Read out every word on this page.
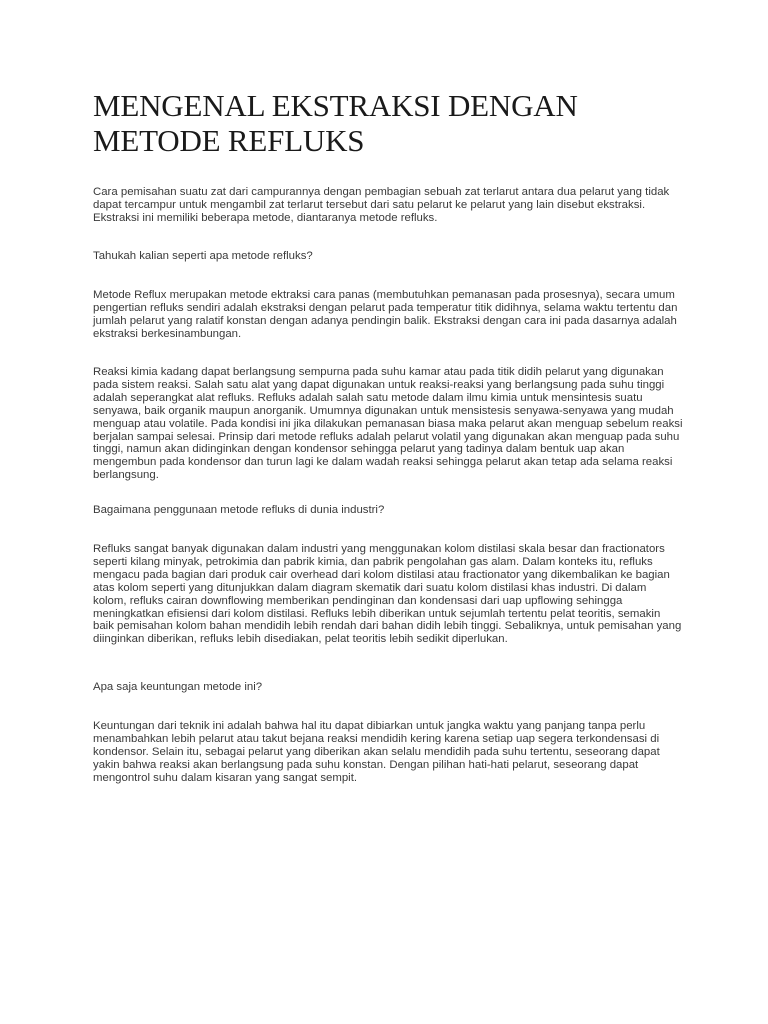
MENGENAL EKSTRAKSI DENGAN METODE REFLUKS

Cara pemisahan suatu zat dari campurannya dengan pembagian sebuah zat terlarut antara dua pelarut yang tidak dapat tercampur untuk mengambil zat terlarut tersebut dari satu pelarut ke pelarut yang lain disebut ekstraksi. Ekstraksi ini memiliki beberapa metode, diantaranya metode refluks.

Tahukah kalian seperti apa metode refluks?

Metode Reflux merupakan metode ektraksi cara panas (membutuhkan pemanasan pada prosesnya), secara umum pengertian refluks sendiri adalah ekstraksi dengan pelarut pada temperatur titik didihnya, selama waktu tertentu dan jumlah pelarut yang ralatif konstan dengan adanya pendingin balik. Ekstraksi dengan cara ini pada dasarnya adalah ekstraksi berkesinambungan.

Reaksi kimia kadang dapat berlangsung sempurna pada suhu kamar atau pada titik didih pelarut yang digunakan pada sistem reaksi. Salah satu alat yang dapat digunakan untuk reaksi-reaksi yang berlangsung pada suhu tinggi adalah seperangkat alat refluks. Refluks adalah salah satu metode dalam ilmu kimia untuk mensintesis suatu senyawa, baik organik maupun anorganik. Umumnya digunakan untuk mensistesis senyawa-senyawa yang mudah menguap atau volatile. Pada kondisi ini jika dilakukan pemanasan biasa maka pelarut akan menguap sebelum reaksi berjalan sampai selesai. Prinsip dari metode refluks adalah pelarut volatil yang digunakan akan menguap pada suhu tinggi, namun akan didinginkan dengan kondensor sehingga pelarut yang tadinya dalam bentuk uap akan mengembun pada kondensor dan turun lagi ke dalam wadah reaksi sehingga pelarut akan tetap ada selama reaksi berlangsung.

Bagaimana penggunaan metode refluks di dunia industri?

Refluks sangat banyak digunakan dalam industri yang menggunakan kolom distilasi skala besar dan fractionators seperti kilang minyak, petrokimia dan pabrik kimia, dan pabrik pengolahan gas alam. Dalam konteks itu, refluks mengacu pada bagian dari produk cair overhead dari kolom distilasi atau fractionator yang dikembalikan ke bagian atas kolom seperti yang ditunjukkan dalam diagram skematik dari suatu kolom distilasi khas industri. Di dalam kolom, refluks cairan downflowing memberikan pendinginan dan kondensasi dari uap upflowing sehingga meningkatkan efisiensi dari kolom distilasi. Refluks lebih diberikan untuk sejumlah tertentu pelat teoritis, semakin baik pemisahan kolom bahan mendidih lebih rendah dari bahan didih lebih tinggi. Sebaliknya, untuk pemisahan yang diinginkan diberikan, refluks lebih disediakan, pelat teoritis lebih sedikit diperlukan.

Apa saja keuntungan metode ini?

Keuntungan dari teknik ini adalah bahwa hal itu dapat dibiarkan untuk jangka waktu yang panjang tanpa perlu menambahkan lebih pelarut atau takut bejana reaksi mendidih kering karena setiap uap segera terkondensasi di kondensor. Selain itu, sebagai pelarut yang diberikan akan selalu mendidih pada suhu tertentu, seseorang dapat yakin bahwa reaksi akan berlangsung pada suhu konstan. Dengan pilihan hati-hati pelarut, seseorang dapat mengontrol suhu dalam kisaran yang sangat sempit.
